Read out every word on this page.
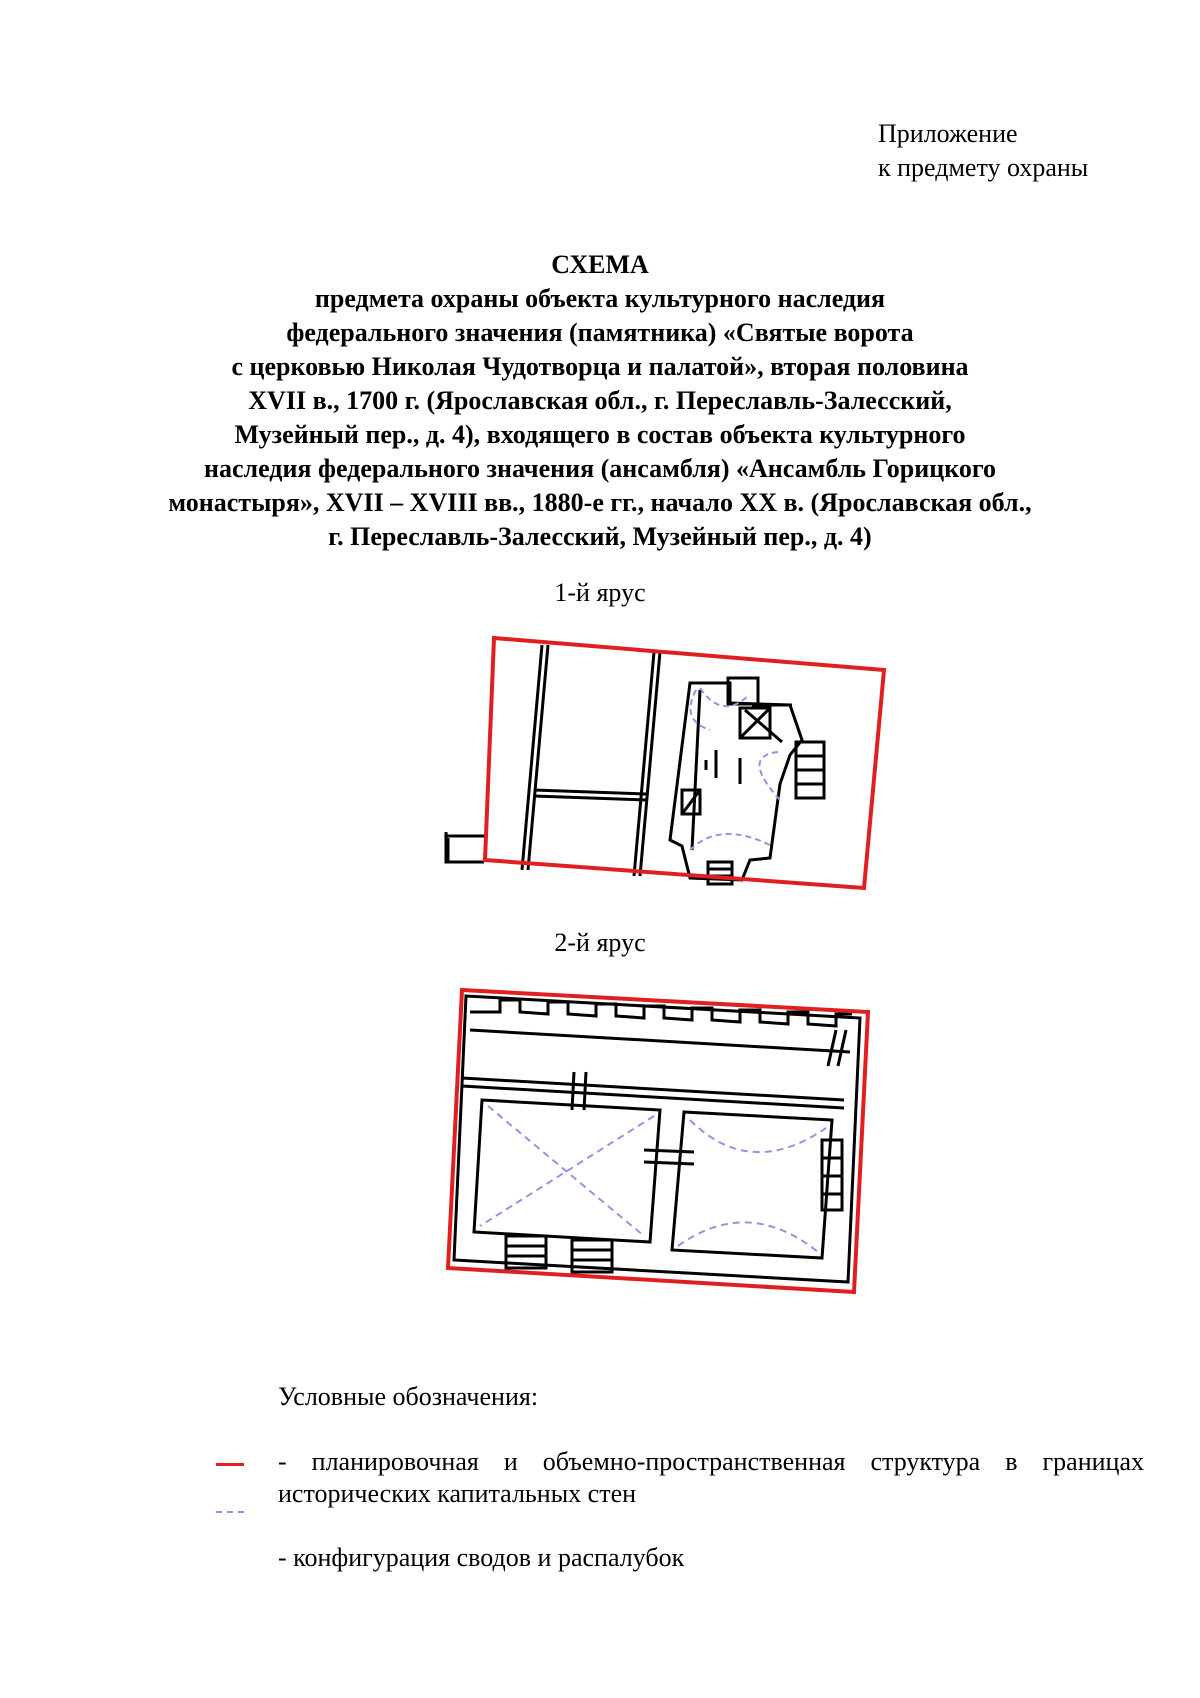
Приложение
к предмету охраны
СХЕМА
предмета охраны объекта культурного наследия
федерального значения (памятника) «Святые ворота
с церковью Николая Чудотворца и палатой», вторая половина
XVII в., 1700 г. (Ярославская обл., г. Переславль-Залесский,
Музейный пер., д. 4), входящего в состав объекта культурного
наследия федерального значения (ансамбля) «Ансамбль Горицкого
монастыря», XVII – XVIII вв., 1880-е гг., начало XX в. (Ярославская обл.,
г. Переславль-Залесский, Музейный пер., д. 4)
1-й ярус
2-й ярус
Условные обозначения:
- планировочная и объемно-пространственная структура в границах исторических капитальных стен
- конфигурация сводов и распалубок
